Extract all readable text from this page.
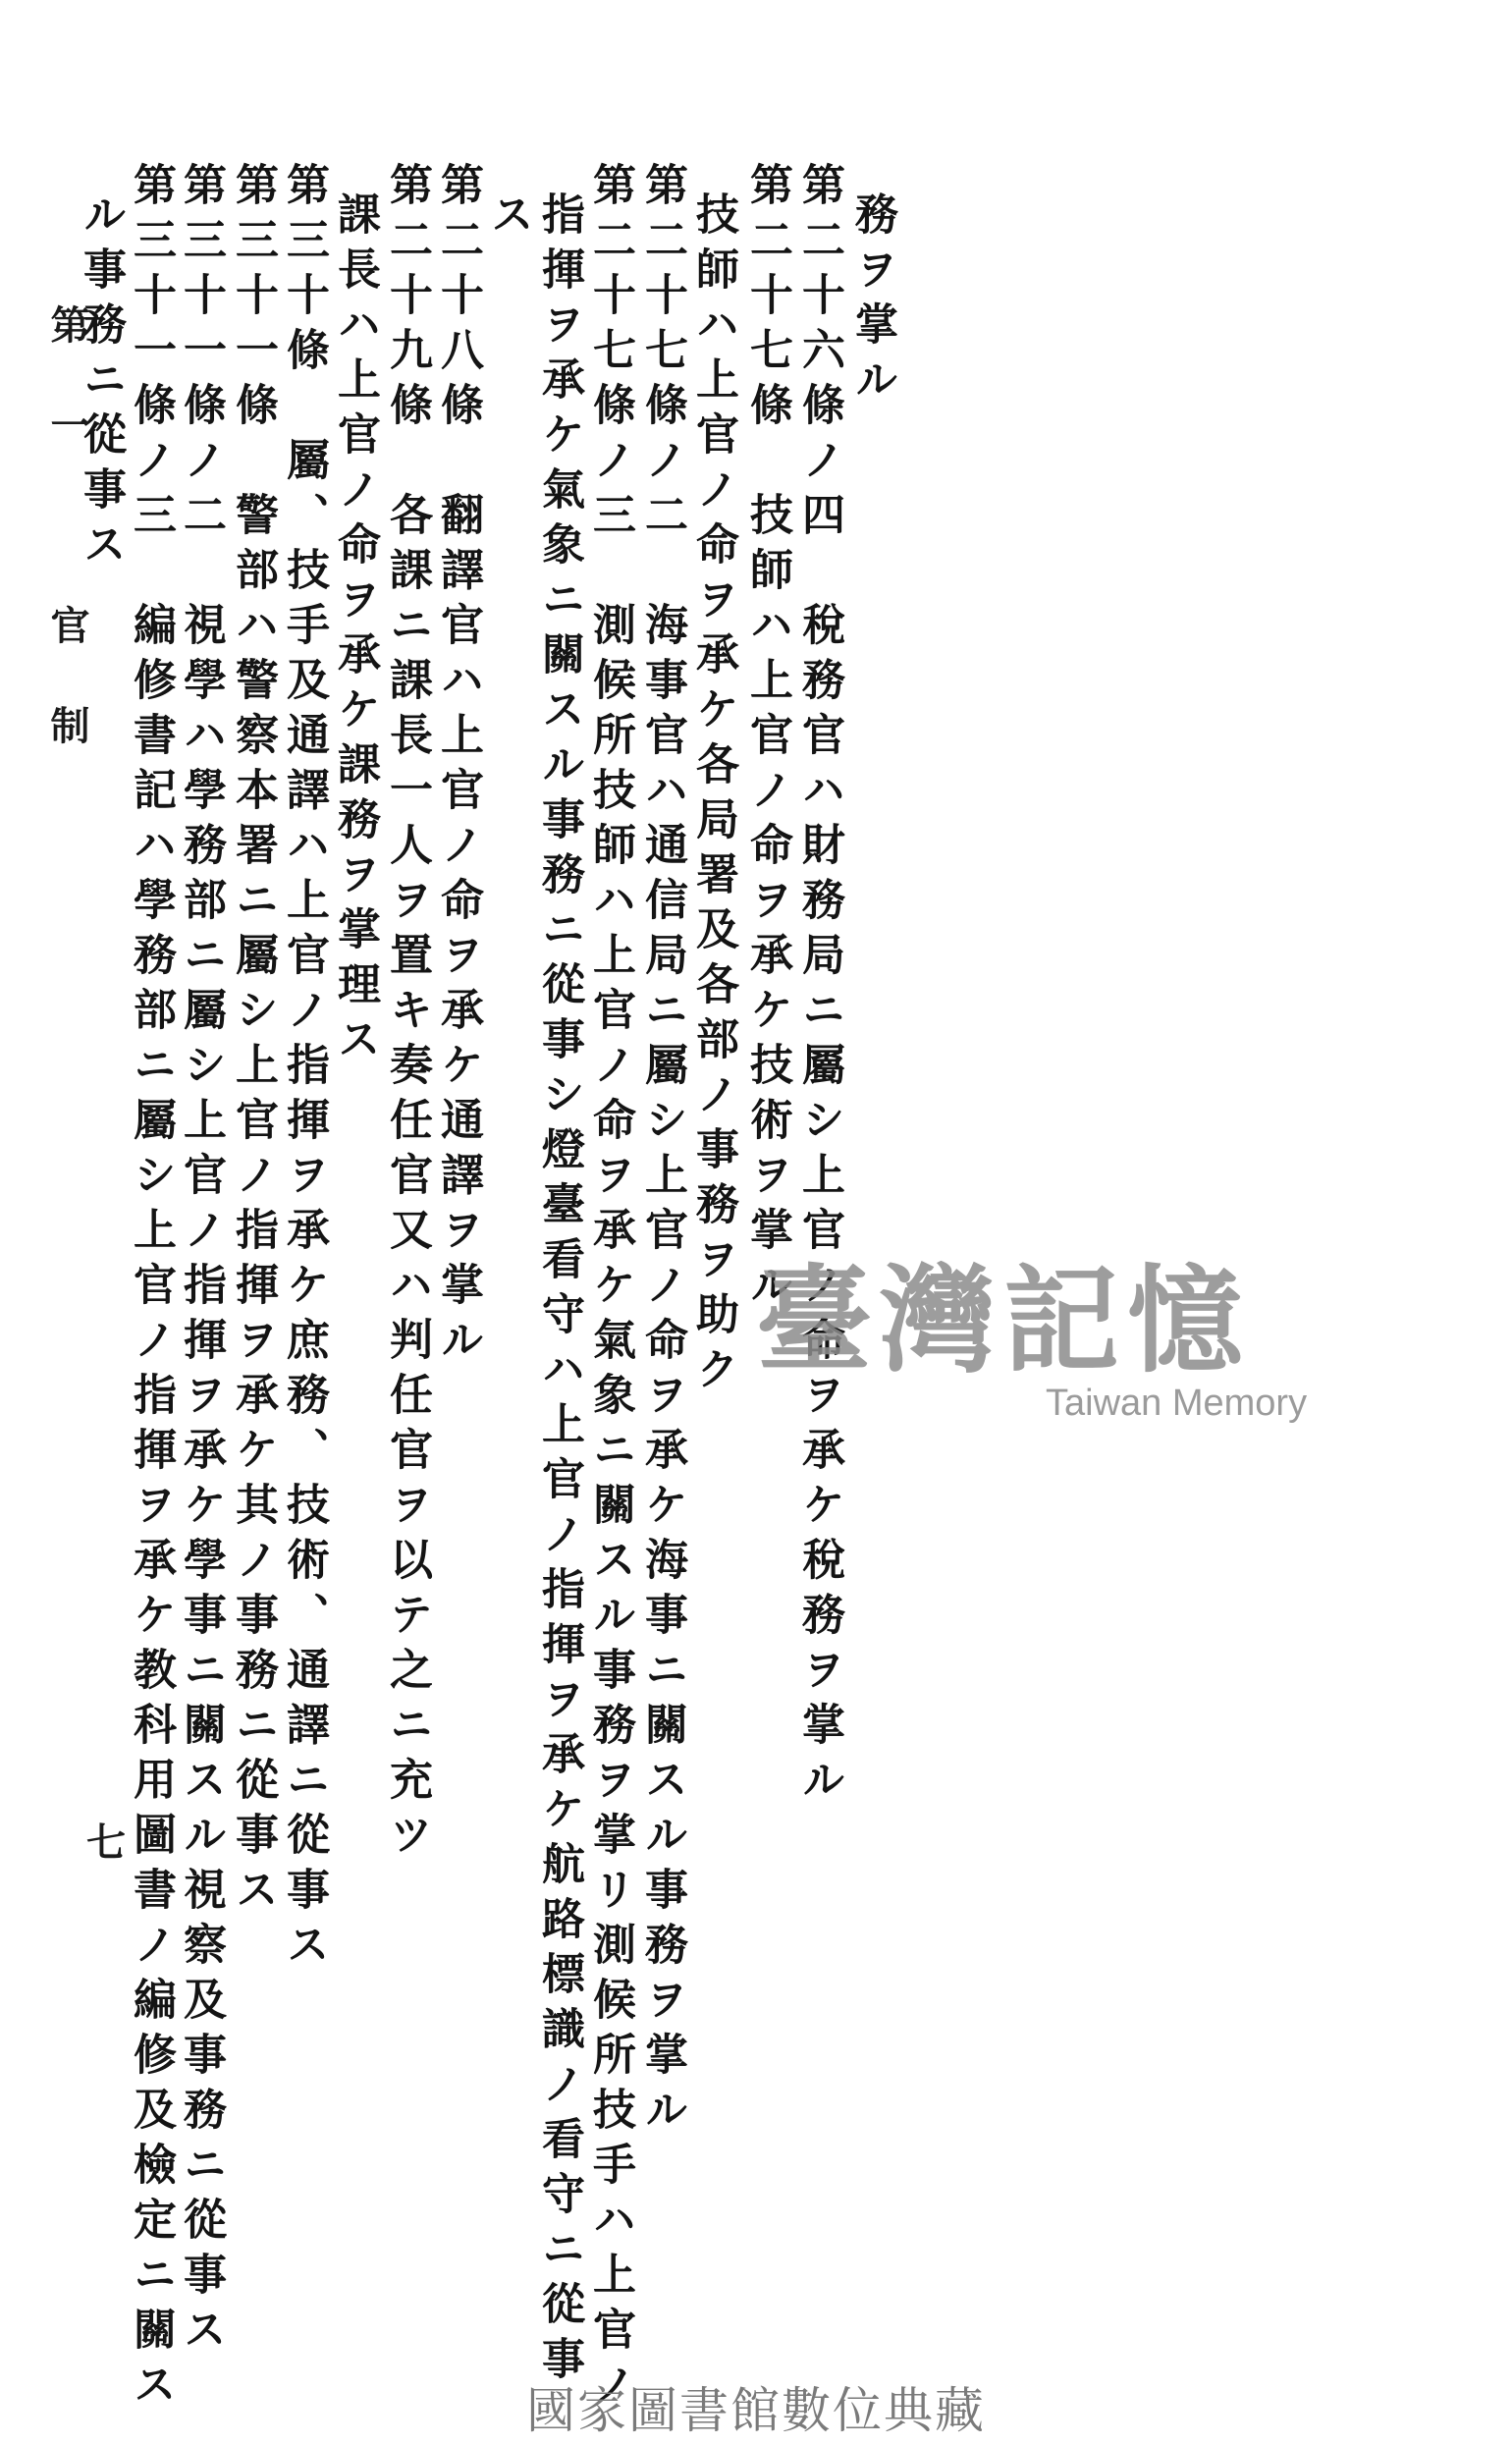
務ヲ掌ル
第二十六條ノ四　稅務官ハ財務局ニ屬シ上官ノ命ヲ承ケ稅務ヲ掌ル
第二十七條　技師ハ上官ノ命ヲ承ケ技術ヲ掌ル
技師ハ上官ノ命ヲ承ケ各局署及各部ノ事務ヲ助ク
第二十七條ノ二　海事官ハ通信局ニ屬シ上官ノ命ヲ承ケ海事ニ關スル事務ヲ掌ル
第二十七條ノ三　測候所技師ハ上官ノ命ヲ承ケ氣象ニ關スル事務ヲ掌リ測候所技手ハ上官ノ
指揮ヲ承ケ氣象ニ關スル事務ニ從事シ燈臺看守ハ上官ノ指揮ヲ承ケ航路標識ノ看守ニ從事
ス
第二十八條　翻譯官ハ上官ノ命ヲ承ケ通譯ヲ掌ル
第二十九條　各課ニ課長一人ヲ置キ奏任官又ハ判任官ヲ以テ之ニ充ツ
課長ハ上官ノ命ヲ承ケ課務ヲ掌理ス
第三十條　屬、技手及通譯ハ上官ノ指揮ヲ承ケ庶務、技術、通譯ニ從事ス
第三十一條　警部ハ警察本署ニ屬シ上官ノ指揮ヲ承ケ其ノ事務ニ從事ス
第三十一條ノ二　視學ハ學務部ニ屬シ上官ノ指揮ヲ承ケ學事ニ關スル視察及事務ニ從事ス
第三十一條ノ三　編修書記ハ學務部ニ屬シ上官ノ指揮ヲ承ケ教科用圖書ノ編修及檢定ニ關ス
ル事務ニ從事ス
第一　官制
七
臺灣記憶
Taiwan Memory
國家圖書館數位典藏
